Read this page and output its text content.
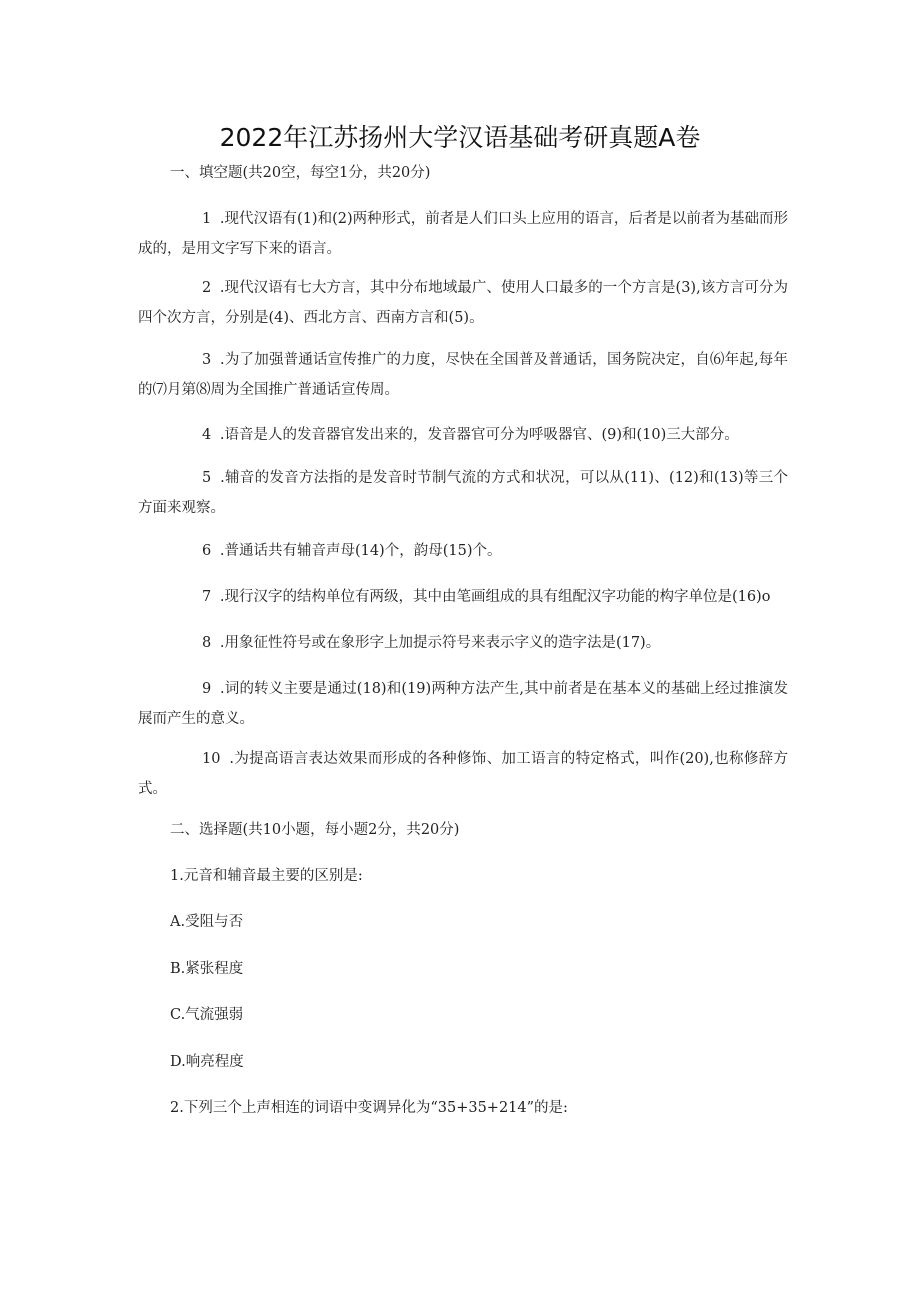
2022年江苏扬州大学汉语基础考研真题A卷
一、填空题(共20空，每空1分，共20分)
1 .现代汉语有(1)和(2)两种形式，前者是人们口头上应用的语言，后者是以前者为基础而形成的，是用文字写下来的语言。
2 .现代汉语有七大方言，其中分布地域最广、使用人口最多的一个方言是(3),该方言可分为四个次方言，分别是(4)、西北方言、西南方言和(5)。
3 .为了加强普通话宣传推广的力度，尽快在全国普及普通话，国务院决定，自⑹年起,每年的⑺月第⑻周为全国推广普通话宣传周。
4 .语音是人的发音器官发出来的，发音器官可分为呼吸器官、(9)和(10)三大部分。
5 .辅音的发音方法指的是发音时节制气流的方式和状况，可以从(11)、(12)和(13)等三个方面来观察。
6 .普通话共有辅音声母(14)个，韵母(15)个。
7 .现行汉字的结构单位有两级，其中由笔画组成的具有组配汉字功能的构字单位是(16)o
8 .用象征性符号或在象形字上加提示符号来表示字义的造字法是(17)。
9 .词的转义主要是通过(18)和(19)两种方法产生,其中前者是在基本义的基础上经过推演发展而产生的意义。
10 .为提高语言表达效果而形成的各种修饰、加工语言的特定格式，叫作(20),也称修辞方式。
二、选择题(共10小题，每小题2分，共20分)
1.元音和辅音最主要的区别是:
A.受阻与否
B.紧张程度
C.气流强弱
D.响亮程度
2.下列三个上声相连的词语中变调异化为“35+35+214”的是:
